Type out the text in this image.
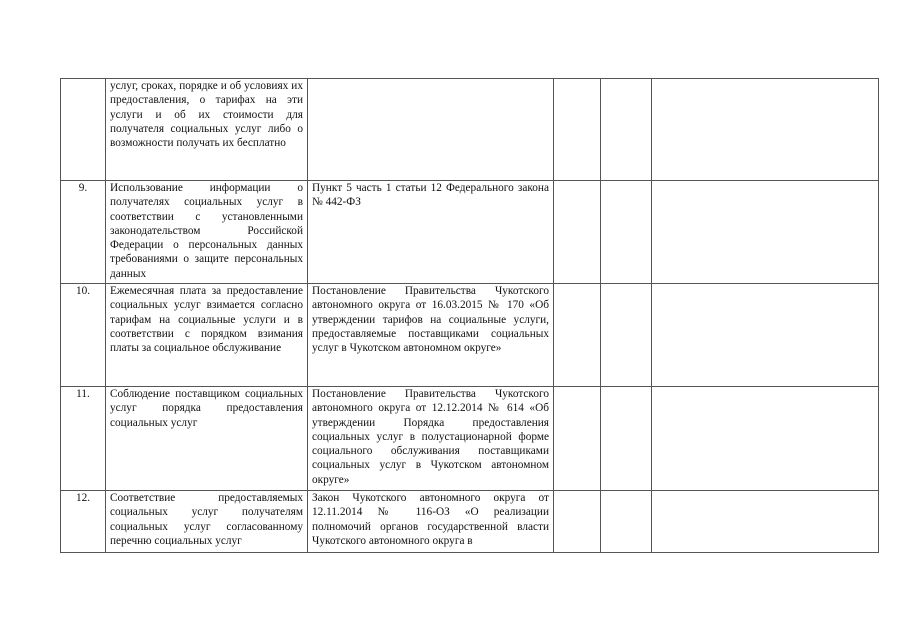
	услуг, сроках, порядке и об условиях их предоставления, о тарифах на эти услуги и об их стоимости для получателя социальных услуг либо о возможности получать их бесплатно				
9.	Использование информации о получателях социальных услуг в соответствии с установленными законодательством Российской Федерации о персональных данных требованиями о защите персональных данных	Пункт 5 часть 1 статьи 12 Федерального закона № 442-ФЗ			
10.	Ежемесячная плата за предоставление социальных услуг взимается согласно тарифам на социальные услуги и в соответствии с порядком взимания платы за социальное обслуживание	Постановление Правительства Чукотского автономного округа от 16.03.2015 № 170 «Об утверждении тарифов на социальные услуги, предоставляемые поставщиками социальных услуг в Чукотском автономном округе»			
11.	Соблюдение поставщиком социальных услуг порядка предоставления социальных услуг	Постановление Правительства Чукотского автономного округа от 12.12.2014 № 614 «Об утверждении Порядка предоставления социальных услуг в полустационарной форме социального обслуживания поставщиками социальных услуг в Чукотском автономном округе»			
12.	Соответствие предоставляемых социальных услуг получателям социальных услуг согласованному перечню социальных услуг	Закон Чукотского автономного округа от 12.11.2014 № 116-ОЗ «О реализации полномочий органов государственной власти Чукотского автономного округа в			
